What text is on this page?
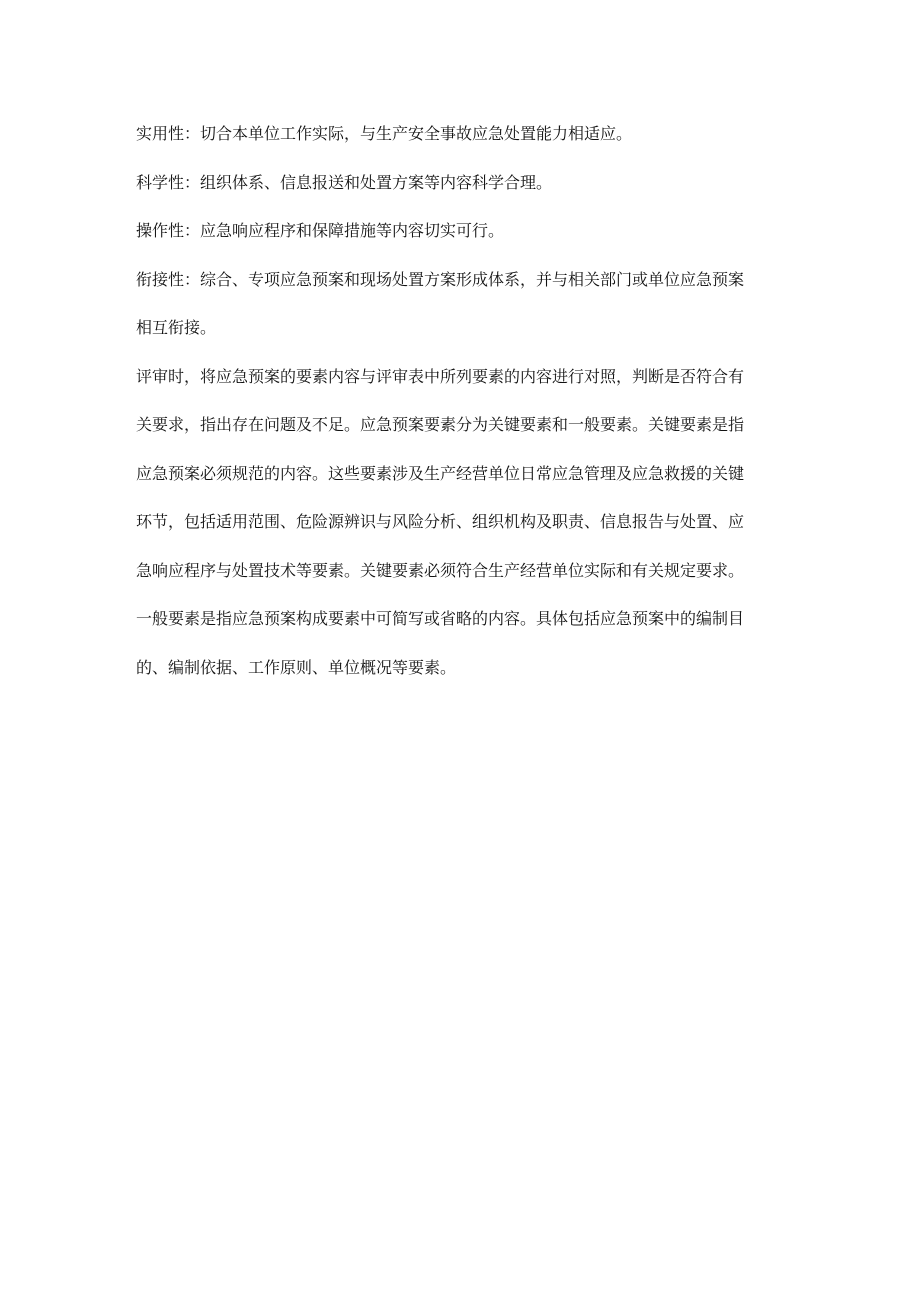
实用性：切合本单位工作实际，与生产安全事故应急处置能力相适应。
科学性：组织体系、信息报送和处置方案等内容科学合理。
操作性：应急响应程序和保障措施等内容切实可行。
衔接性：综合、专项应急预案和现场处置方案形成体系，并与相关部门或单位应急预案
相互衔接。
评审时，将应急预案的要素内容与评审表中所列要素的内容进行对照，判断是否符合有
关要求，指出存在问题及不足。应急预案要素分为关键要素和一般要素。关键要素是指
应急预案必须规范的内容。这些要素涉及生产经营单位日常应急管理及应急救援的关键
环节，包括适用范围、危险源辨识与风险分析、组织机构及职责、信息报告与处置、应
急响应程序与处置技术等要素。关键要素必须符合生产经营单位实际和有关规定要求。
一般要素是指应急预案构成要素中可简写或省略的内容。具体包括应急预案中的编制目
的、编制依据、工作原则、单位概况等要素。
